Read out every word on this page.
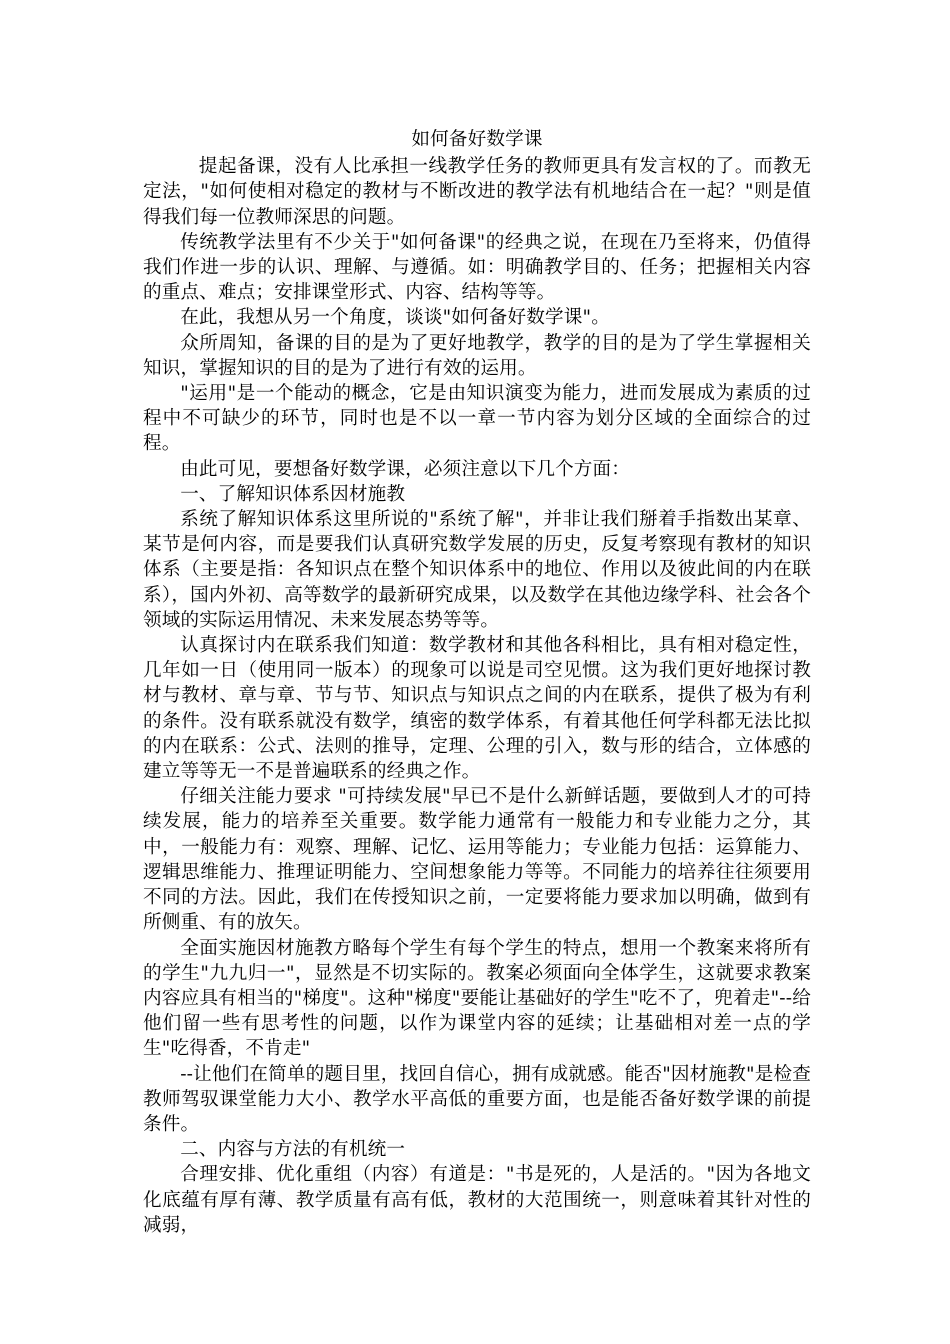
如何备好数学课

提起备课，没有人比承担一线教学任务的教师更具有发言权的了。而教无定法，"如何使相对稳定的教材与不断改进的教学法有机地结合在一起？"则是值得我们每一位教师深思的问题。

传统教学法里有不少关于"如何备课"的经典之说，在现在乃至将来，仍值得我们作进一步的认识、理解、与遵循。如：明确教学目的、任务；把握相关内容的重点、难点；安排课堂形式、内容、结构等等。

在此，我想从另一个角度，谈谈"如何备好数学课"。

众所周知，备课的目的是为了更好地教学，教学的目的是为了学生掌握相关知识，掌握知识的目的是为了进行有效的运用。

"运用"是一个能动的概念，它是由知识演变为能力，进而发展成为素质的过程中不可缺少的环节，同时也是不以一章一节内容为划分区域的全面综合的过程。

由此可见，要想备好数学课，必须注意以下几个方面：

一、了解知识体系因材施教

系统了解知识体系这里所说的"系统了解"，并非让我们掰着手指数出某章、某节是何内容，而是要我们认真研究数学发展的历史，反复考察现有教材的知识体系（主要是指：各知识点在整个知识体系中的地位、作用以及彼此间的内在联系），国内外初、高等数学的最新研究成果，以及数学在其他边缘学科、社会各个领域的实际运用情况、未来发展态势等等。

认真探讨内在联系我们知道：数学教材和其他各科相比，具有相对稳定性，几年如一日（使用同一版本）的现象可以说是司空见惯。这为我们更好地探讨教材与教材、章与章、节与节、知识点与知识点之间的内在联系，提供了极为有利的条件。没有联系就没有数学，缜密的数学体系，有着其他任何学科都无法比拟的内在联系：公式、法则的推导，定理、公理的引入，数与形的结合，立体感的建立等等无一不是普遍联系的经典之作。

仔细关注能力要求 "可持续发展"早已不是什么新鲜话题，要做到人才的可持续发展，能力的培养至关重要。数学能力通常有一般能力和专业能力之分，其中，一般能力有：观察、理解、记忆、运用等能力；专业能力包括：运算能力、逻辑思维能力、推理证明能力、空间想象能力等等。不同能力的培养往往须要用不同的方法。因此，我们在传授知识之前，一定要将能力要求加以明确，做到有所侧重、有的放矢。

全面实施因材施教方略每个学生有每个学生的特点，想用一个教案来将所有的学生"九九归一"，显然是不切实际的。教案必须面向全体学生，这就要求教案内容应具有相当的"梯度"。这种"梯度"要能让基础好的学生"吃不了，兜着走"--给他们留一些有思考性的问题，以作为课堂内容的延续；让基础相对差一点的学生"吃得香，不肯走"

--让他们在简单的题目里，找回自信心，拥有成就感。能否"因材施教"是检查教师驾驭课堂能力大小、教学水平高低的重要方面，也是能否备好数学课的前提条件。

二、内容与方法的有机统一

合理安排、优化重组（内容）有道是："书是死的，人是活的。"因为各地文化底蕴有厚有薄、教学质量有高有低，教材的大范围统一，则意味着其针对性的减弱，
